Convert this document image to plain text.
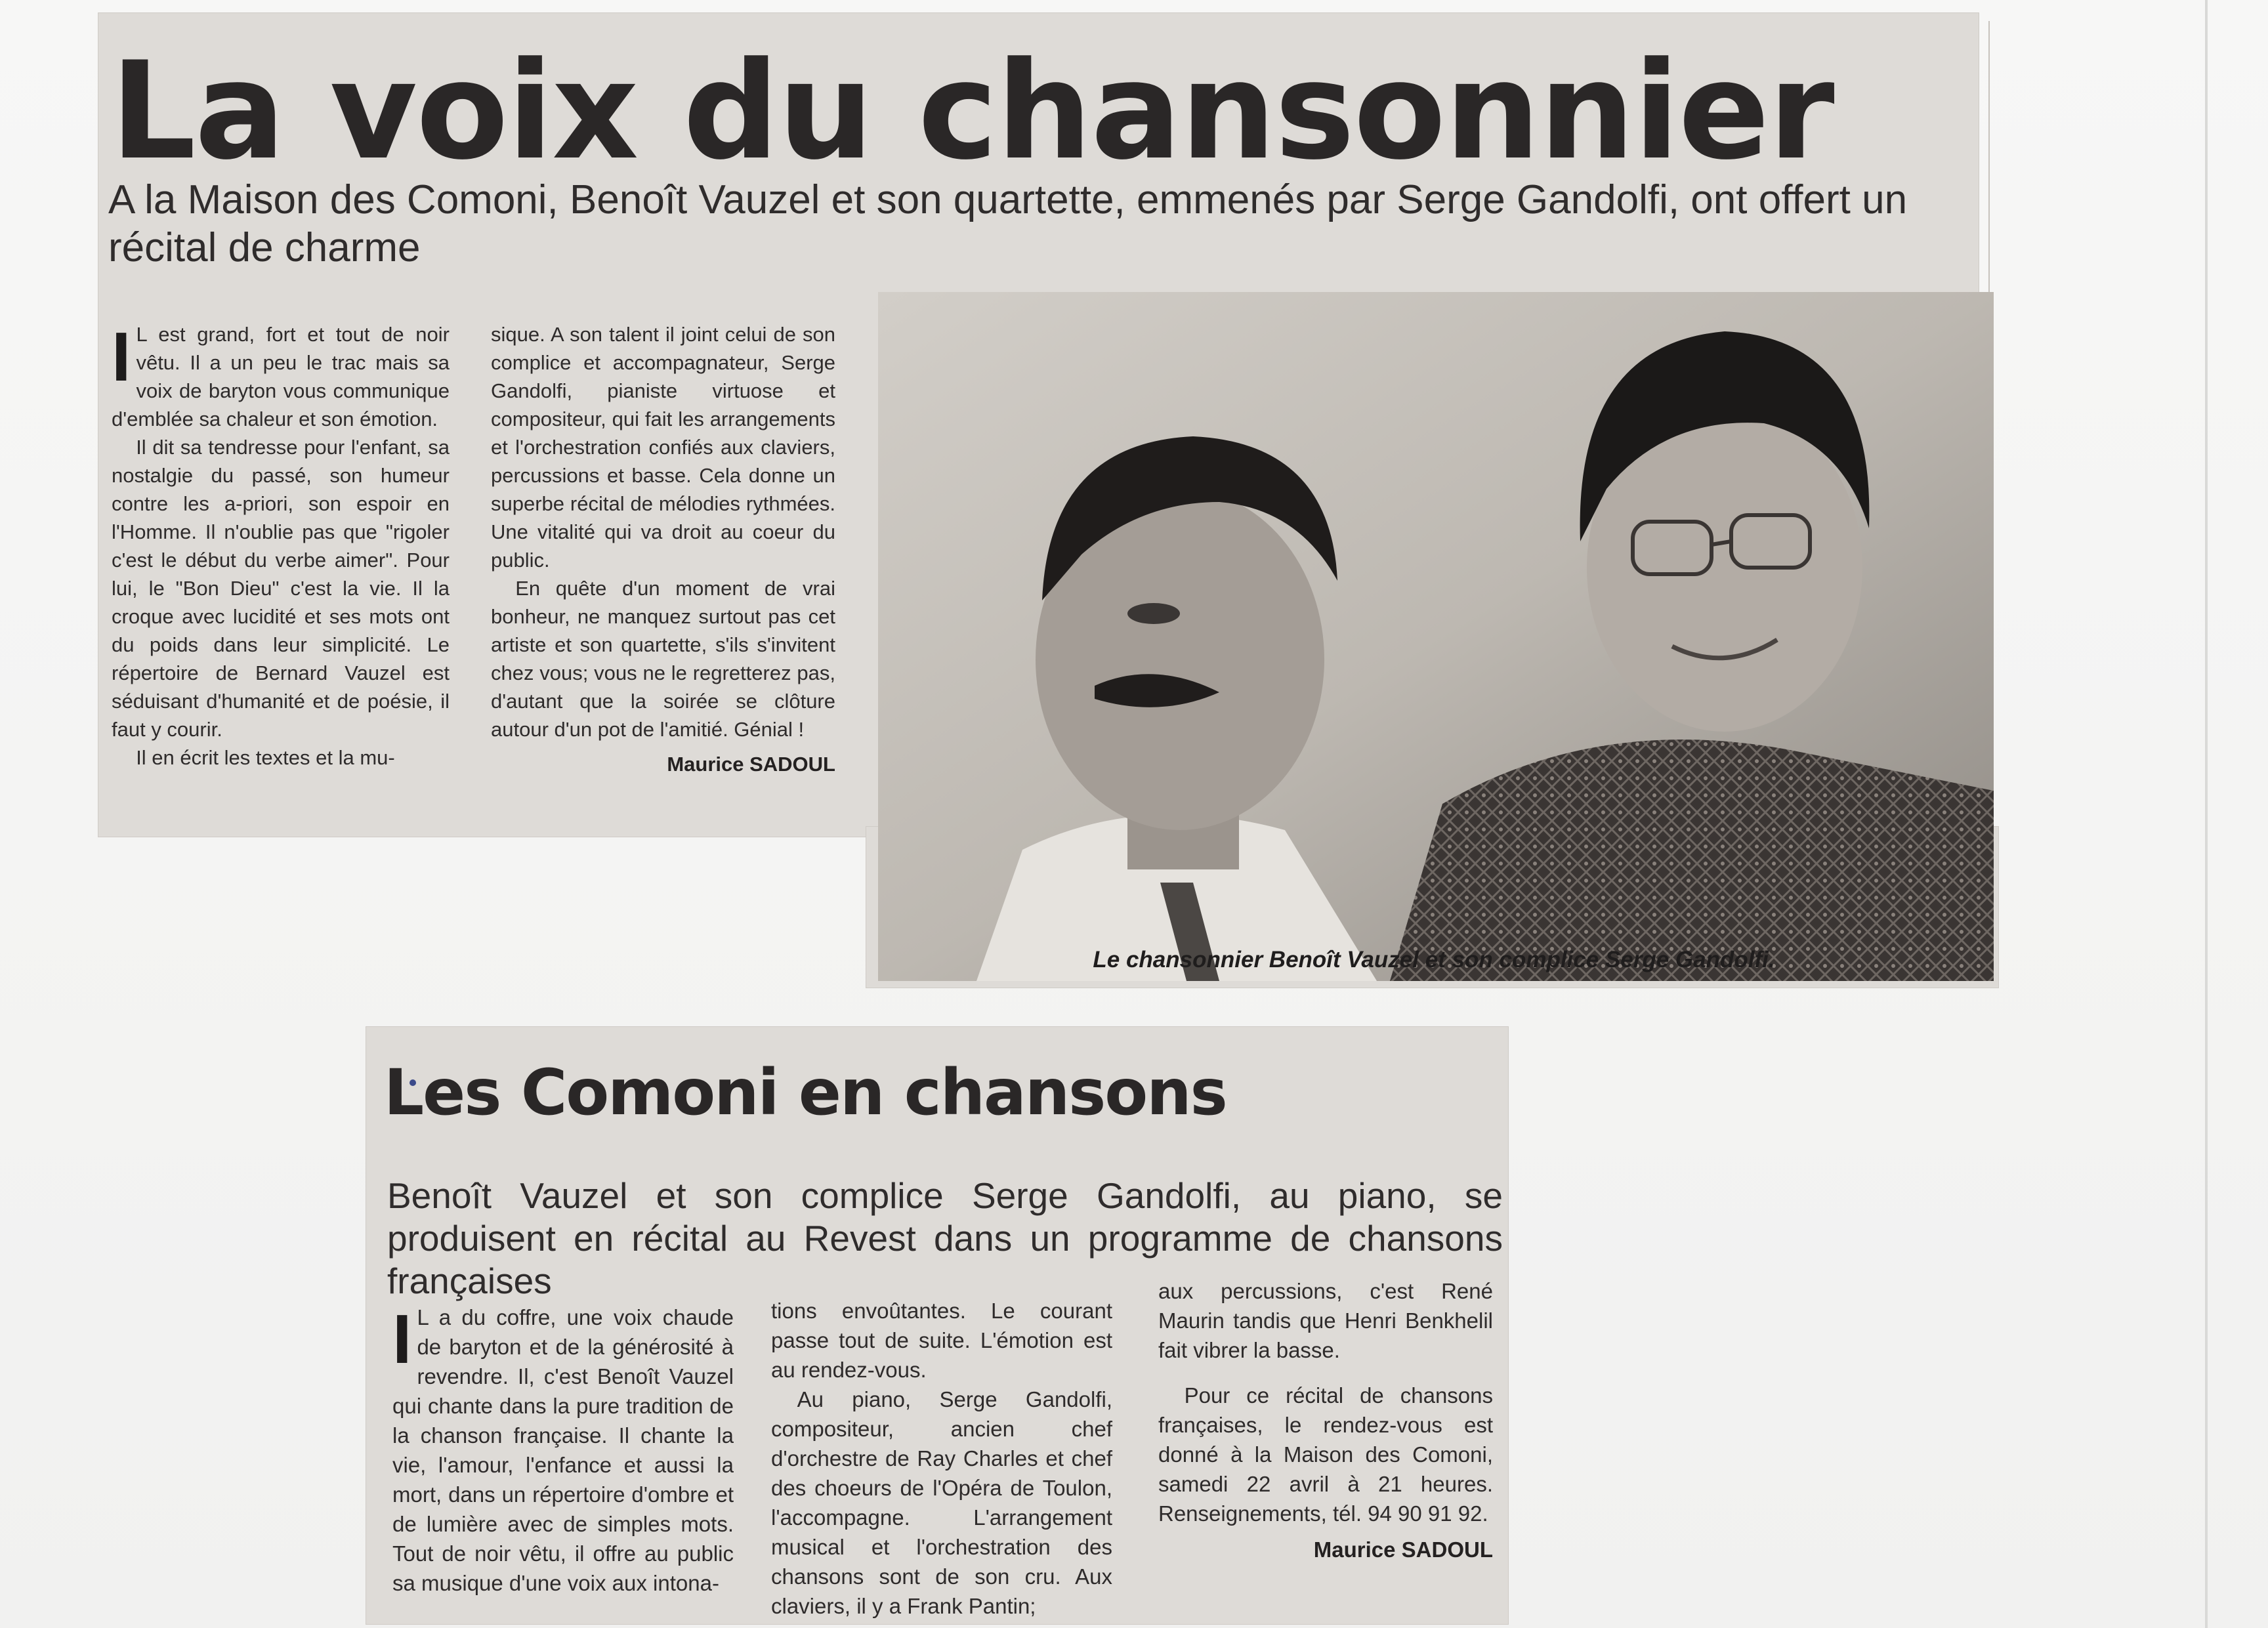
La voix du chansonnier

A la Maison des Comoni, Benoît Vauzel et son quartette, emmenés par Serge Gandolfi, ont offert un récital de charme

I L est grand, fort et tout de noir vêtu. Il a un peu le trac mais sa voix de baryton vous communique d'emblée sa chaleur et son émotion.

Il dit sa tendresse pour l'enfant, sa nostalgie du passé, son humeur contre les a-priori, son espoir en l'Homme. Il n'oublie pas que "rigoler c'est le début du verbe aimer". Pour lui, le "Bon Dieu" c'est la vie. Il la croque avec lucidité et ses mots ont du poids dans leur simplicité. Le répertoire de Bernard Vauzel est séduisant d'humanité et de poésie, il faut y courir.

Il en écrit les textes et la mu-

sique. A son talent il joint celui de son complice et accompagnateur, Serge Gandolfi, pianiste virtuose et compositeur, qui fait les arrangements et l'orchestration confiés aux claviers, percussions et basse. Cela donne un superbe récital de mélodies rythmées. Une vitalité qui va droit au coeur du public.

En quête d'un moment de vrai bonheur, ne manquez surtout pas cet artiste et son quartette, s'ils s'invitent chez vous; vous ne le regretterez pas, d'autant que la soirée se clôture autour d'un pot de l'amitié. Génial !

Maurice SADOUL
Le chansonnier Benoît Vauzel et son complice Serge Gandolfi.
Les Comoni en chansons

Benoît Vauzel et son complice Serge Gandolfi, au piano, se produisent en récital au Revest dans un programme de chansons françaises

I L a du coffre, une voix chaude de baryton et de la générosité à revendre. Il, c'est Benoît Vauzel qui chante dans la pure tradition de la chanson française. Il chante la vie, l'amour, l'enfance et aussi la mort, dans un répertoire d'ombre et de lumière avec de simples mots. Tout de noir vêtu, il offre au public sa musique d'une voix aux intona-

tions envoûtantes. Le courant passe tout de suite. L'émotion est au rendez-vous.

Au piano, Serge Gandolfi, compositeur, ancien chef d'orchestre de Ray Charles et chef des choeurs de l'Opéra de Toulon, l'accompagne. L'arrangement musical et l'orchestration des chansons sont de son cru. Aux claviers, il y a Frank Pantin;

aux percussions, c'est René Maurin tandis que Henri Benkhelil fait vibrer la basse.

Pour ce récital de chansons françaises, le rendez-vous est donné à la Maison des Comoni, samedi 22 avril à 21 heures. Renseignements, tél. 94 90 91 92.

Maurice SADOUL
